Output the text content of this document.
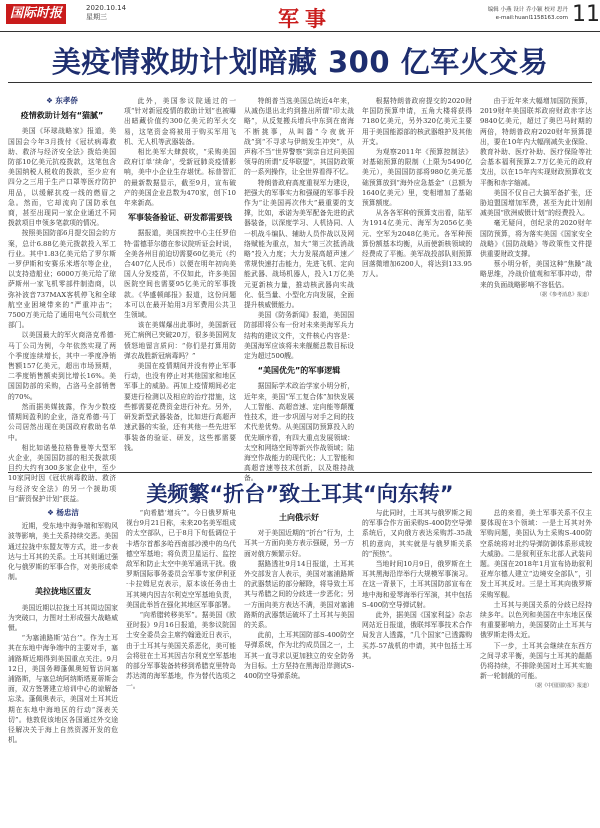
国际时报	2020.10.14
星期三	军事	编辑 小燕 设计 乔小颖 校对 思丹
e-mail:huanl1158163.com 11
美疫情救助计划暗藏 300 亿军火交易

❖ 东孝侨

疫情救助计划有“猫腻”

美国《环球战略家》报道，美国国会今年3月拨付《冠状病毒救助、救济与经济安全法》拨给美国防部10亿美元抗疫拨款，这笔包含美国纳税人税收的拨款，至少应有四分之三用于生产口罩等医疗防护用品，以缓解抗疫一线的燃眉之急。然而，它却流向了国防承包商，甚至出现同一家企业通过不同拨款项目申领多笔款项的情况。

按照美国防部6月提交国会的方案，总计6.88亿美元拨款投入军工行业。其中1.83亿美元给了罗尔斯一罗伊斯和安赛乐米塔尔等企业，以支持造船业；6000万美元给了琼萨斯州一家飞机零部件制造商，以弥补波音737MAX客机停飞和全球航空业困境带来的“严重冲击”；7500万美元给了通用电气公司航空部门。

以美国最大的军火商洛克希德·马丁公司为例，今年依然实现了两个季度连续增长，其中一季度净销售额157亿美元，超出市场预期，二季度销售额卖到比增长16%。美国国防部的采购，占洛马全部销售的70%。

然而据美媒披露，作为少数疫情期间盈利的企业，洛克希德·马丁公司居然出现在美国政府救助名单中。

相比如诺曼拉格鲁曼等大型军火企业，美国国防部的相关拨款项目约大约有300多家企业中，至少10家同时因《冠状病毒救助、救济与经济安全法》的另一个援助项目“薪资保护计划”获益。

此外，美国参议院通过的一项“针对新冠疫情的救助计划”也被曝出暗藏价值约300亿美元的军火交易，这笔资金将被用于购买军用飞机、无人机等武器装备。

相比美军大肆鼓吹，“采购美国政府订单‘续命’，受新冠肺炎疫情影响，美中小企业生存堪忧。标普智汇的最新数据显示，截至9月，宣布破产的美国企业总数为470家，创下10年来新高。

军事装备验证、研发都需要钱

据报道，美国疾控中心主任罗伯特·雷德菲尔德在参议院听证会时说，全美各州目前迫切需要60亿美元（约合407亿人民币）以便在明年初向美国人分发疫苗，不仅如此，许多美国医院空间也需要95亿美元的军事拨款。《华盛顿邮报》报道，这份问题本可以在最开始用3月军费用公共卫生领域。

该在美媒爆出此事时，美国新冠死亡病例已突破20万，很多美国网友愤怒地留言质问：“你们是打算用防弹衣战胜新冠病毒吗？”

美国在疫情期间并没有停止军事行动，也没有停止对其他国家和地区军事上的威胁。再加上疫情期间必定要进行检测以及相应的治疗措施，这些都需要花费资金进行补充。另外，研发新型武器装备，比如进行高超声速武器的实验，还有其他一些先进军事装备的验证、研发，这些都需要钱。

特朗普当选美国总统近4年来，从减伤退出北约到推出所谓“印太战略”，从反复搬兵增兵中东到在南海不断挑事，从叫嚣“今夜就开战”到“不寻求与伊朗发生冲突”，从声称不当“世界警察”到亲自过问美国领导的所谓“反华联盟”，其国防政策的一系列操作，让全世界看得不忆。

特朗普政府高度重视军力建设，把强大的军事实力和强硬的军事手段作为“让美国再次伟大”最重要的支撑，比如，承诺为美军配备先进的武器装备，以深度学习、人机协同、人一机战斗编队、辅助人员作战以及网络赋能为重点，加大“第三次抵消战略”投入力度；大力发展高超声速／常规快速打击能力，先进飞机、定向能武器、战场机器人，投入1万亿美元更新核力量，推动核武器向实战化、低当量、小型化方向发展，全面提升核威慑能力。

美国《防务新闻》报道，美国国防部即将公布一份对未来美海军兵力结构的建议文件，文件核心内容是：美国海军应该将未来舰艇总数目标设定为超过500艘。

“美国优先”的军事逻辑

据国际学术政治学家小明分析，近年来，美国“军工复合体”加快发展人工智能、高超音速、定向能等颠覆性技术，进一步巩固与对手之间的技术代差优势。从美国国防预算投入的优先顺序看，有四大重点发展领域：太空和网络空间等新兴作战领域；陆海空作战能力的现代化；人工智能和高超音速等技术创新，以及维持战备。

根据特朗普政府提交的2020财年国防预算申请，五角大楼将获得7180亿美元，另外320亿美元主要用于美国能源部的核武器维护及其他开支。

为观察2011年《预算控制法》对基础预算的限制（上限为5490亿美元），美国国防部将980亿美元基础预算放到“海外应急基金”（总额为1640亿美元）里，变相增加了基础预算额度。

从各各军种的预算支出看，陆军为1914亿美元、海军为2056亿美元、空军为2048亿美元。各军种预算份额基本均衡，从而使新核领域的经费成了平衡。美军战投部队则预算回落微增加6200人，将达到133.95万人。

由于近年来大幅增加国防预算，2019财年美国联邦政府财政赤字达9840亿美元，超过了奥巴马时期的两倍，特朗普政府2020财年预算提出，要在10年内大幅削减失业保险、教育补助、医疗补助、医疗保险等社会基本福利预算2.7万亿美元的政府支出，以在15年内实现财政预算收支平衡和赤字缩减。

美国不仅自己大搞军备扩张，还胁迫盟国增加军费，甚至为此计划削减美国“欧洲威慑计划”的经费投入。

毫无疑问，创纪录的2020财年国防预算，将为落实美国《国家安全战略》《国防战略》等政策性文件提供重要财政支撑。

蔡小明分析，美国这种“焦躁”战略思维，冷战价值观和军事冲动，带来的负面战略影响不容低估。

（据《参考消息》报道）

美频繁“折台”致土耳其“向东转”

❖ 杨忠洁

近期，受东地中海争端和军购风波等影响，美土关系持续交恶。美国通过拉拢中东盟友等方式，进一步表达与土耳其的关系。土耳其则通过强化与俄罗斯的军事合作，对美形成牵制。

美拉拢地区盟友

美国近期以拉拢土耳其周边国家为突破口，力图对土形成强大战略威慑。

“为塞浦路斯‘站台’”。作为土耳其在东地中海争端中的主要对手，塞浦路斯近期得到美国重点关注。9月12日，美国务卿蓬佩奥短暂访问塞浦路斯，与塞总统阿纳斯塔夏蒂斯会面，双方签署建立培训中心的谅解备忘录。蓬佩奥表示，美国对土耳其近期在东地中海地区的行动“深表关切”。他敦促该地区各国通过外交途径解决关于海上自然资源开发的危机。

“向希腊‘增兵’”。今日俄罗斯电视台9月21日称，未来20名美军组成的太空部队，已于8月下旬低调位于卡塔尔首都多哈西南部沙漠中的乌代德空军基地；将负责卫星运行、监控敌军和防止太空中美军通讯干扰。俄罗斯国际事务委员会军事专家伊利亚·卡拉姆尼克表示，原本该任务由土耳其境内因吉尔利克空军基地负责，美国此举旨在强化其地区军事部署。

“向希腊转移美军”。据美国《欧亚时报》9月16日报道，美参议院国土安全委员会主席约翰逊近日表示，由于土耳其与美国关系恶化，美可能会将驻在土耳其因吉尔利克空军基地的部分军事装备转移到希腊克里特岛苏达湾的海军基地，作为替代选项之一。

土向俄示好

对于美国近期的“折台”行为，土耳其一方面向美方表示强硬，另一方面对俄方频繁示好。

据路透社9月14日报道，土耳其外交部发言人表示，美国对塞浦路斯的武器禁运的部分解除，将导致土耳其与希腊之间的分歧进一步恶化；另一方面向美方表达不满，美国对塞浦路斯的武器禁运破坏了土耳其与美国的关系。

此前，土耳其国防部S-400防空导弹系统，作为北约成员国之一，土耳其一直寻求以更加独立的安全防务为目标。土方坚持在黑海沿岸测试S-400防空导弹系统。

与此同时，土耳其与俄罗斯之间的军事合作方面采购S-400防空导弹系统后，又向俄方表达采购苏-35战机的意向，其实就是与俄罗斯关系的“预热”。

当地时间10月9日，俄罗斯在土耳其黑海沿岸举行大规模军事演习。在这一背景下，土耳其国防部宣布在地中海和爱琴海举行军演，其中包括S-400防空导弹试射。

此外，据美国《国家利益》杂志网站近日报道，俄联邦军事技术合作局发言人透露，“几个国家”已透露购买苏-57战机的申请，其中包括土耳其。

总的来看，美土军事关系不仅主要体现在3个领域：一是土耳其对外军购问题，美国认为土采购S-400防空系统将对北约导弹防御体系形成较大威胁。二是叙利亚东北部人武装问题。美国在2018年1月宣布协助叙利亚库尔德人建立“边境安全部队”，引发土耳其反对。三是土耳其向俄罗斯采购军舰。

土耳其与美国关系的分歧已经持续多年。以色列和美国在中东地区保有重要影响力，美国要防止土耳其与俄罗斯走得太近。

下一步，土耳其会继续在东西方之间寻求平衡，美国与土耳其的龃龉仍将持续，不排除美国对土耳其实施新一轮制裁的可能。

（据《中国国防报》报道）
